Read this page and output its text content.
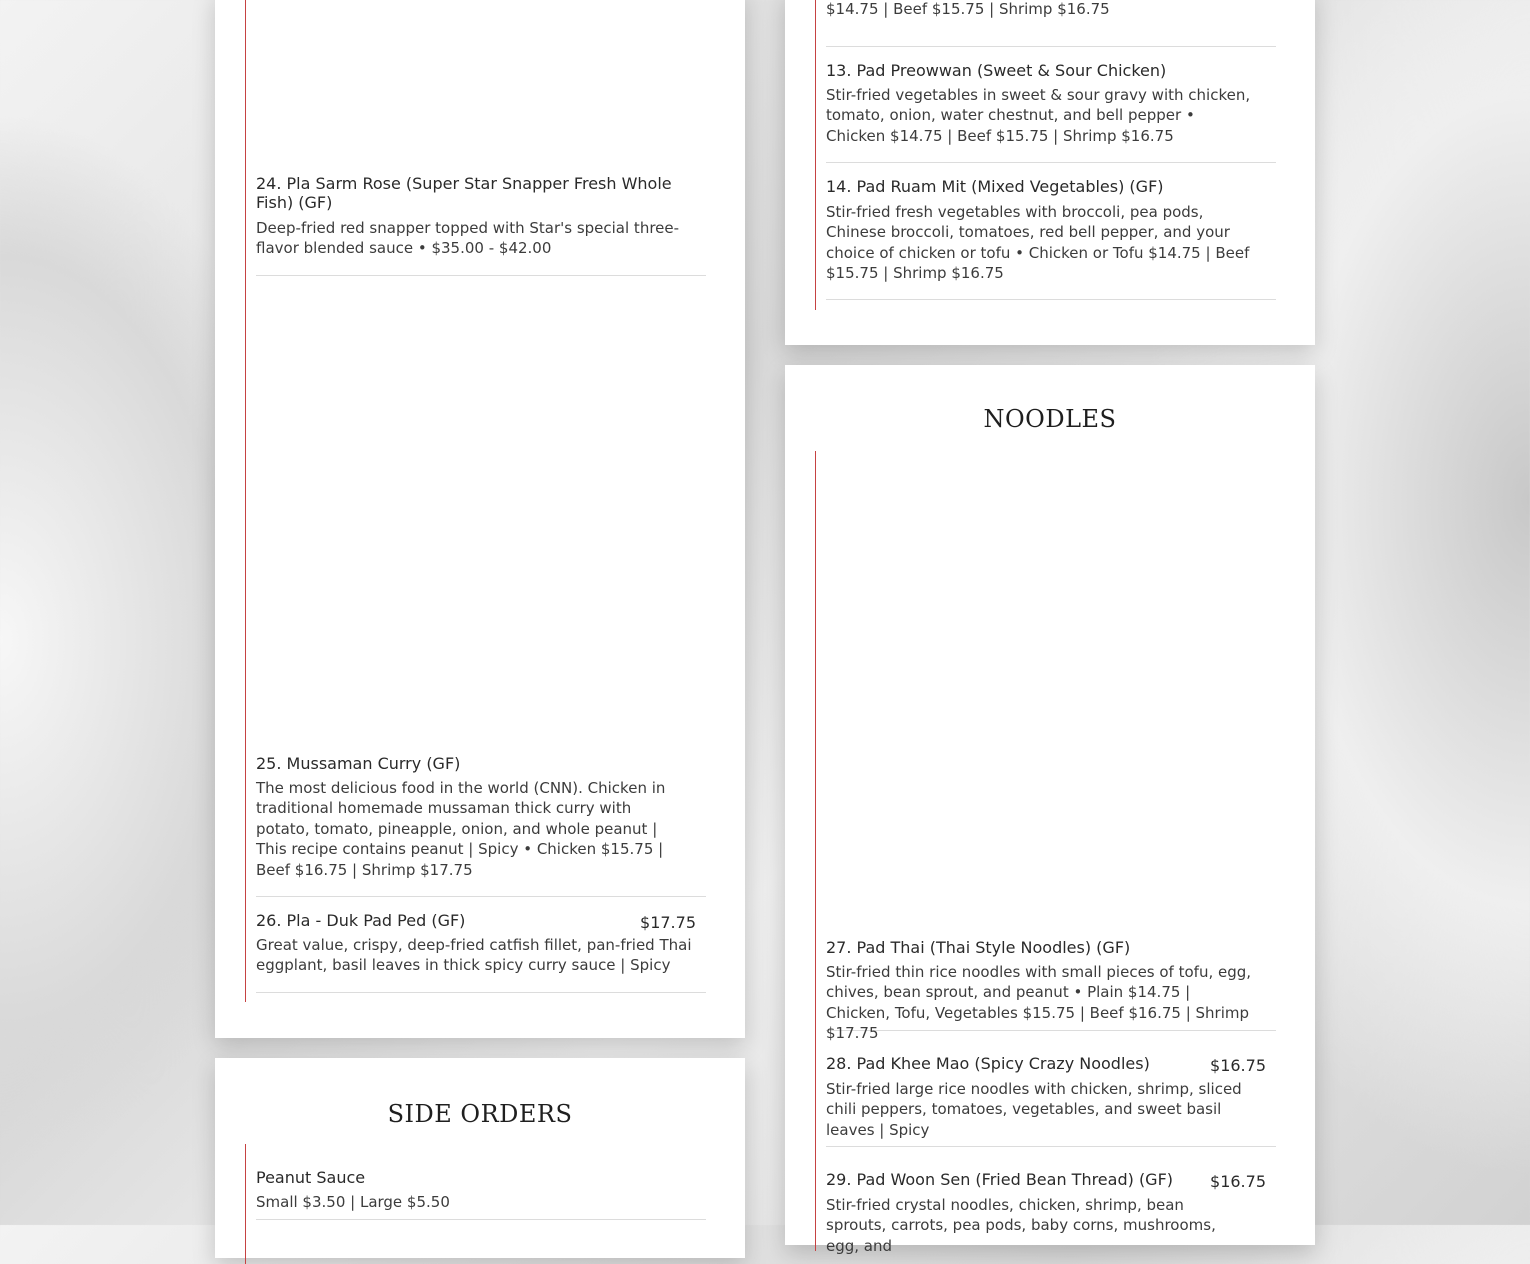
24. Pla Sarm Rose (Super Star Snapper Fresh Whole Fish) (GF)
Deep-fried red snapper topped with Star's special three-flavor blended sauce • $35.00 - $42.00
25. Mussaman Curry (GF)
The most delicious food in the world (CNN). Chicken in traditional homemade mussaman thick curry with potato, tomato, pineapple, onion, and whole peanut | This recipe contains peanut | Spicy • Chicken $15.75 | Beef $16.75 | Shrimp $17.75
26. Pla - Duk Pad Ped (GF)	$17.75
Great value, crispy, deep-fried catfish fillet, pan-fried Thai eggplant, basil leaves in thick spicy curry sauce | Spicy
SIDE ORDERS
Peanut Sauce
Small $3.50 | Large $5.50
$14.75 | Beef $15.75 | Shrimp $16.75
13. Pad Preowwan (Sweet & Sour Chicken)
Stir-fried vegetables in sweet & sour gravy with chicken, tomato, onion, water chestnut, and bell pepper • Chicken $14.75 | Beef $15.75 | Shrimp $16.75
14. Pad Ruam Mit (Mixed Vegetables) (GF)
Stir-fried fresh vegetables with broccoli, pea pods, Chinese broccoli, tomatoes, red bell pepper, and your choice of chicken or tofu • Chicken or Tofu $14.75 | Beef $15.75 | Shrimp $16.75
NOODLES
27. Pad Thai (Thai Style Noodles) (GF)
Stir-fried thin rice noodles with small pieces of tofu, egg, chives, bean sprout, and peanut • Plain $14.75 | Chicken, Tofu, Vegetables $15.75 | Beef $16.75 | Shrimp $17.75
28. Pad Khee Mao (Spicy Crazy Noodles)	$16.75
Stir-fried large rice noodles with chicken, shrimp, sliced chili peppers, tomatoes, vegetables, and sweet basil leaves | Spicy
29. Pad Woon Sen (Fried Bean Thread) (GF) $16.75
Stir-fried crystal noodles, chicken, shrimp, bean sprouts, carrots, pea pods, baby corns, mushrooms, egg, and
